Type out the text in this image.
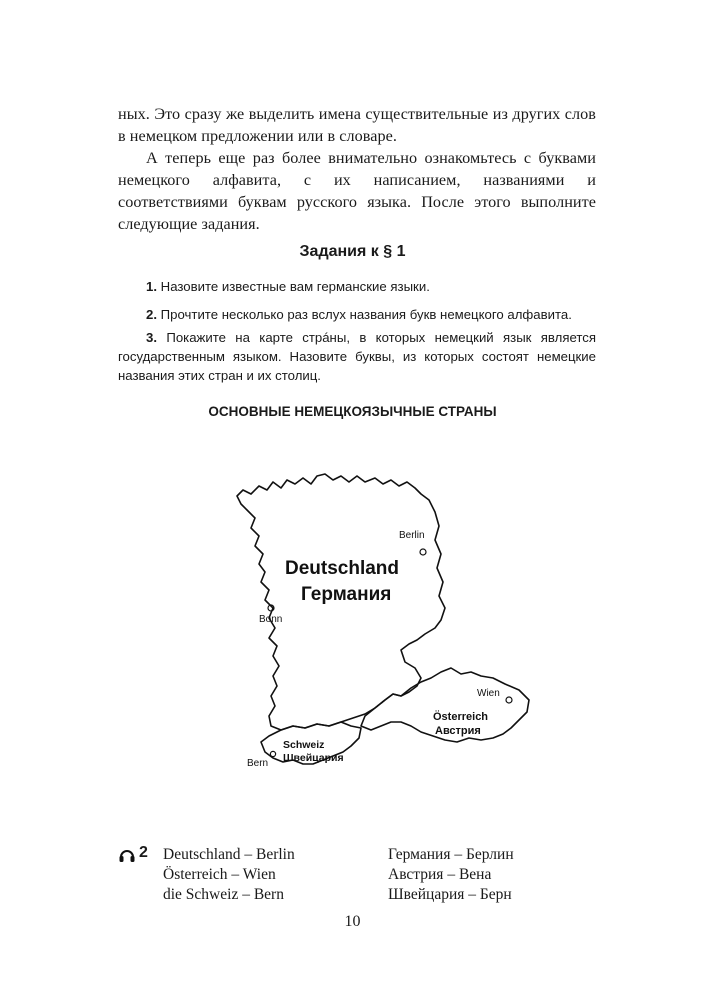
ных. Это сразу же выделить имена существительные из других слов в немецком предложении или в словаре.

А теперь еще раз более внимательно ознакомьтесь с буквами немецкого алфавита, с их написанием, названиями и соответствиями буквам русского языка. После этого выполните следующие задания.

Задания к § 1

1. Назовите известные вам германские языки.

2. Прочтите несколько раз вслух названия букв немецкого алфавита.

3. Покажите на карте стрáны, в которых немецкий язык является государственным языком. Назовите буквы, из которых состоят немецкие названия этих стран и их столиц.

ОСНОВНЫЕ НЕМЕЦКОЯЗЫЧНЫЕ СТРАНЫ
Deutschland
Германия
Berlin
Bonn
Österreich
Австрия
Wien
Schweiz
Швейцария
Bern
2 Deutschland – Berlin	Германия – Берлин
Österreich – Wien	Австрия – Вена
die Schweiz – Bern	Швейцария – Берн
10
